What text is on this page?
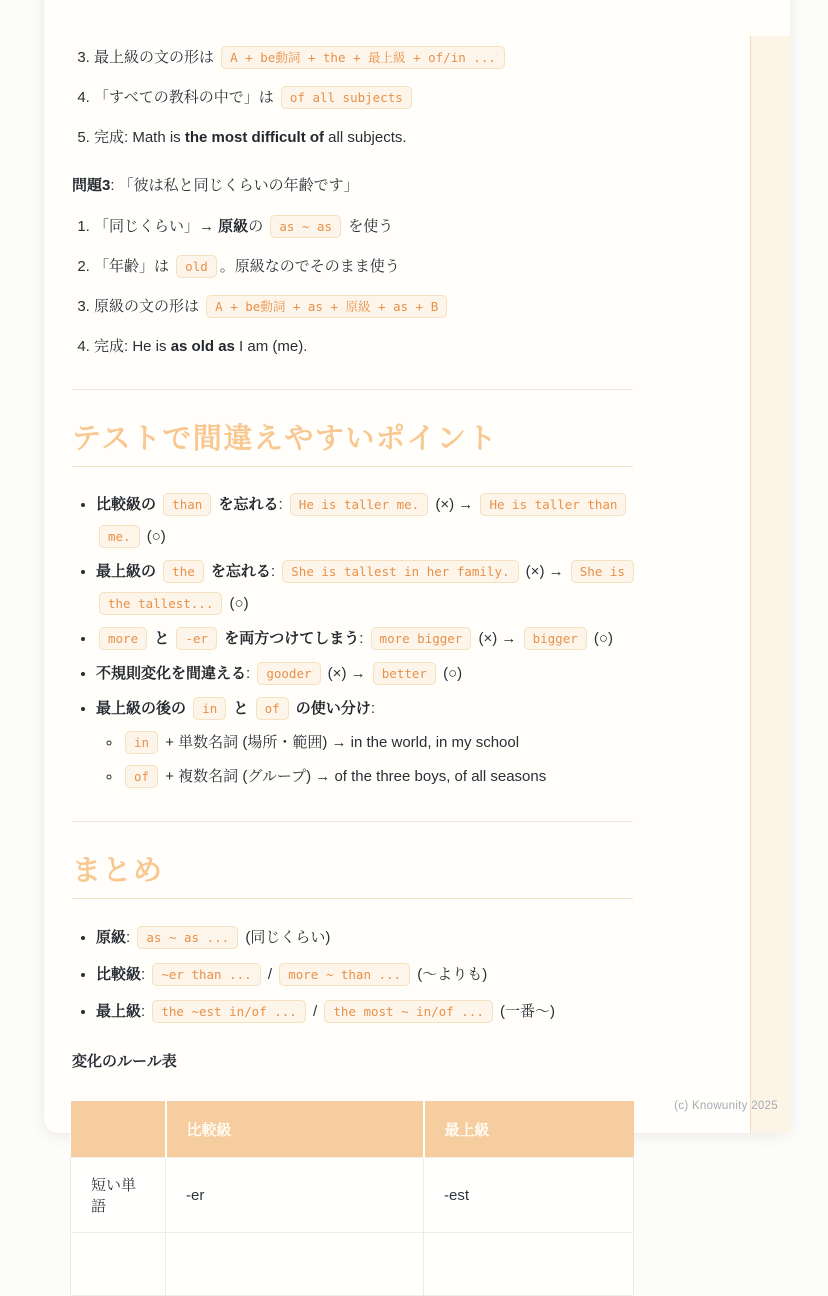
3. 最上級の文の形は A + be動詞 + the + 最上級 + of/in ...
4. 「すべての教科の中で」は of all subjects
5. 完成: Math is the most difficult of all subjects.

問題3: 「彼は私と同じくらいの年齢です」

1. 「同じくらい」→ 原級の as ~ as を使う
2. 「年齢」は old 。原級なのでそのまま使う
3. 原級の文の形は A + be動詞 + as + 原級 + as + B
4. 完成: He is as old as I am (me).
テストで間違えやすいポイント
• 比較級の than を忘れる: He is taller me. (×) → He is taller than me. (○)
• 最上級の the を忘れる: She is tallest in her family. (×) → She is the tallest... (○)
• more と -er を両方つけてしまう: more bigger (×) → bigger (○)
• 不規則変化を間違える: gooder (×) → better (○)
• 最上級の後の in と of の使い分け:
◦ in + 単数名詞 (場所・範囲) → in the world, in my school
◦ of + 複数名詞 (グループ) → of the three boys, of all seasons
まとめ
• 原級: as ~ as ... (同じくらい)
• 比較級: ~er than ... / more ~ than ... (〜よりも)
• 最上級: the ~est in/of ... / the most ~ in/of ... (一番〜)

変化のルール表

	比較級	最上級
短い単語	-er	-est

(c) Knowunity 2025
